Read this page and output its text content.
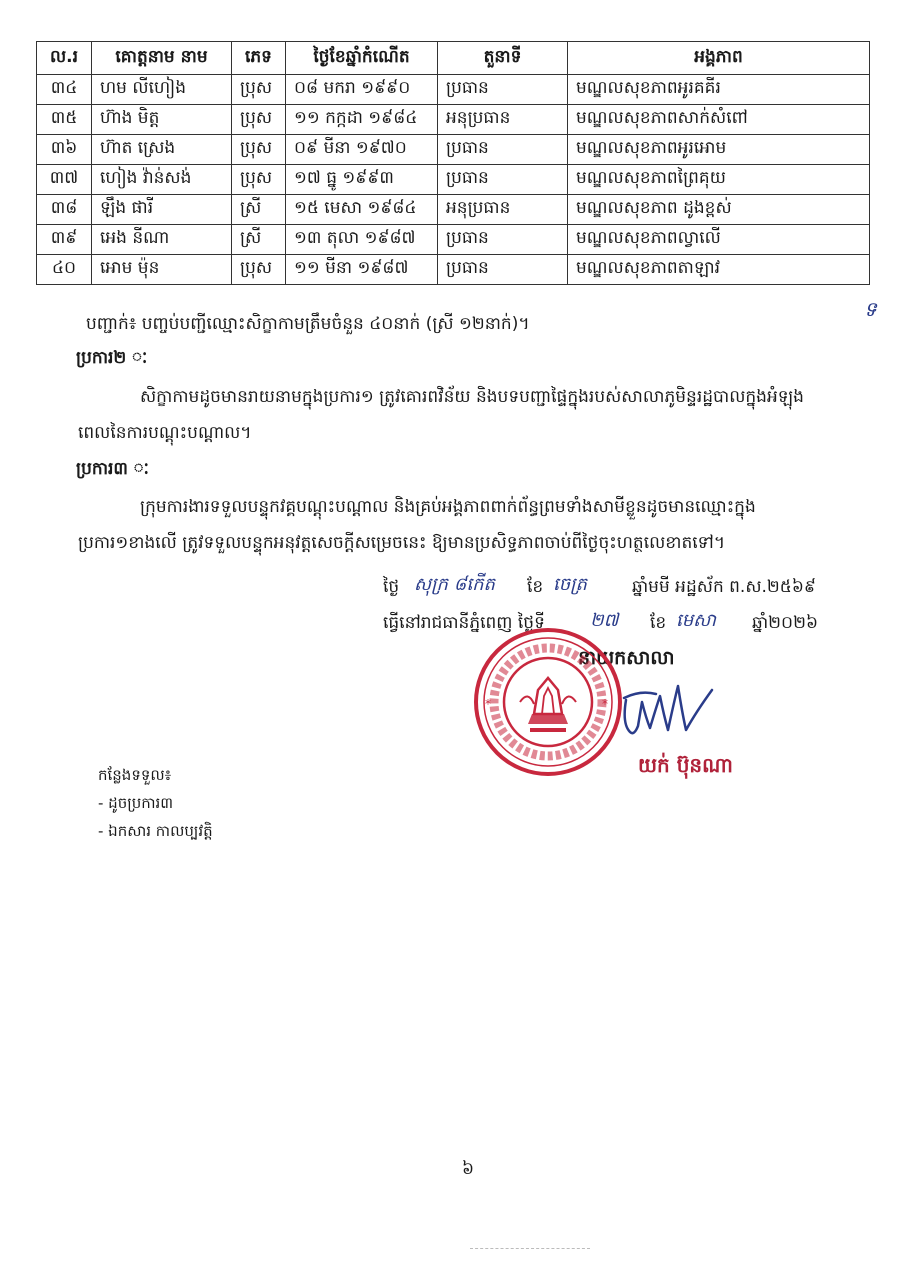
ល.រ	គោត្តនាម នាម	ភេទ	ថ្ងៃខែឆ្នាំកំណើត	តួនាទី	អង្គភាព
៣៤	ហម លីហៀង	ប្រុស	០៨ មករា ១៩៩០	ប្រធាន	មណ្ឌលសុខភាពអូរគគីរ
៣៥	ហ៊ាង មិត្ត	ប្រុស	១១ កក្កដា ១៩៨៤	អនុប្រធាន	មណ្ឌលសុខភាពសាក់សំពៅ
៣៦	ហ៊ាត ស្រេង	ប្រុស	០៩ មីនា ១៩៧០	ប្រធាន	មណ្ឌលសុខភាពអូរអោម
៣៧	ហៀង វ៉ាន់សង់	ប្រុស	១៧ ធ្នូ ១៩៩៣	ប្រធាន	មណ្ឌលសុខភាពព្រៃគុយ
៣៨	ឡឹង ផារី	ស្រី	១៥ មេសា ១៩៨៤	អនុប្រធាន	មណ្ឌលសុខភាព ដូងខ្ពស់
៣៩	អេង នីណា	ស្រី	១៣ តុលា ១៩៨៧	ប្រធាន	មណ្ឌលសុខភាពល្វាលើ
៤០	អោម ម៉ុន	ប្រុស	១១ មីនា ១៩៨៧	ប្រធាន	មណ្ឌលសុខភាពតាឡាវ
ទ
បញ្ជាក់៖ បញ្ចប់បញ្ជីឈ្មោះសិក្ខាកាមត្រឹមចំនួន ៤០នាក់ (ស្រី ១២នាក់)។
ប្រការ២ ៈ
សិក្ខាកាមដូចមានរាយនាមក្នុងប្រការ១ ត្រូវគោរពវិន័យ និងបទបញ្ជាផ្ទៃក្នុងរបស់សាលាភូមិន្ទរដ្ឋបាលក្នុងអំឡុង
ពេលនៃការបណ្តុះបណ្តាល។
ប្រការ៣ ៈ
ក្រុមការងារទទួលបន្ទុកវគ្គបណ្តុះបណ្តាល និងគ្រប់អង្គភាពពាក់ព័ន្ធព្រមទាំងសាមីខ្លួនដូចមានឈ្មោះក្នុង
ប្រការ១ខាងលើ ត្រូវទទួលបន្ទុកអនុវត្តសេចក្តីសម្រេចនេះ ឱ្យមានប្រសិទ្ធភាពចាប់ពីថ្ងៃចុះហត្ថលេខាតទៅ។
ថ្ងៃ សុក្រ ៨កើត ខែ ចេត្រ	ឆ្នាំមមី អដ្ឋស័ក ព.ស.២៥៦៩
ធ្វើនៅរាជធានីភ្នំពេញ ថ្ងៃទី	២៧ ខែ មេសា ឆ្នាំ២០២៦
នាយកសាលា
*	*
យក់ ប៊ុនណា
កន្លែងទទួល៖
- ដូចប្រការ៣
- ឯកសារ កាលប្បវត្តិ
៦
